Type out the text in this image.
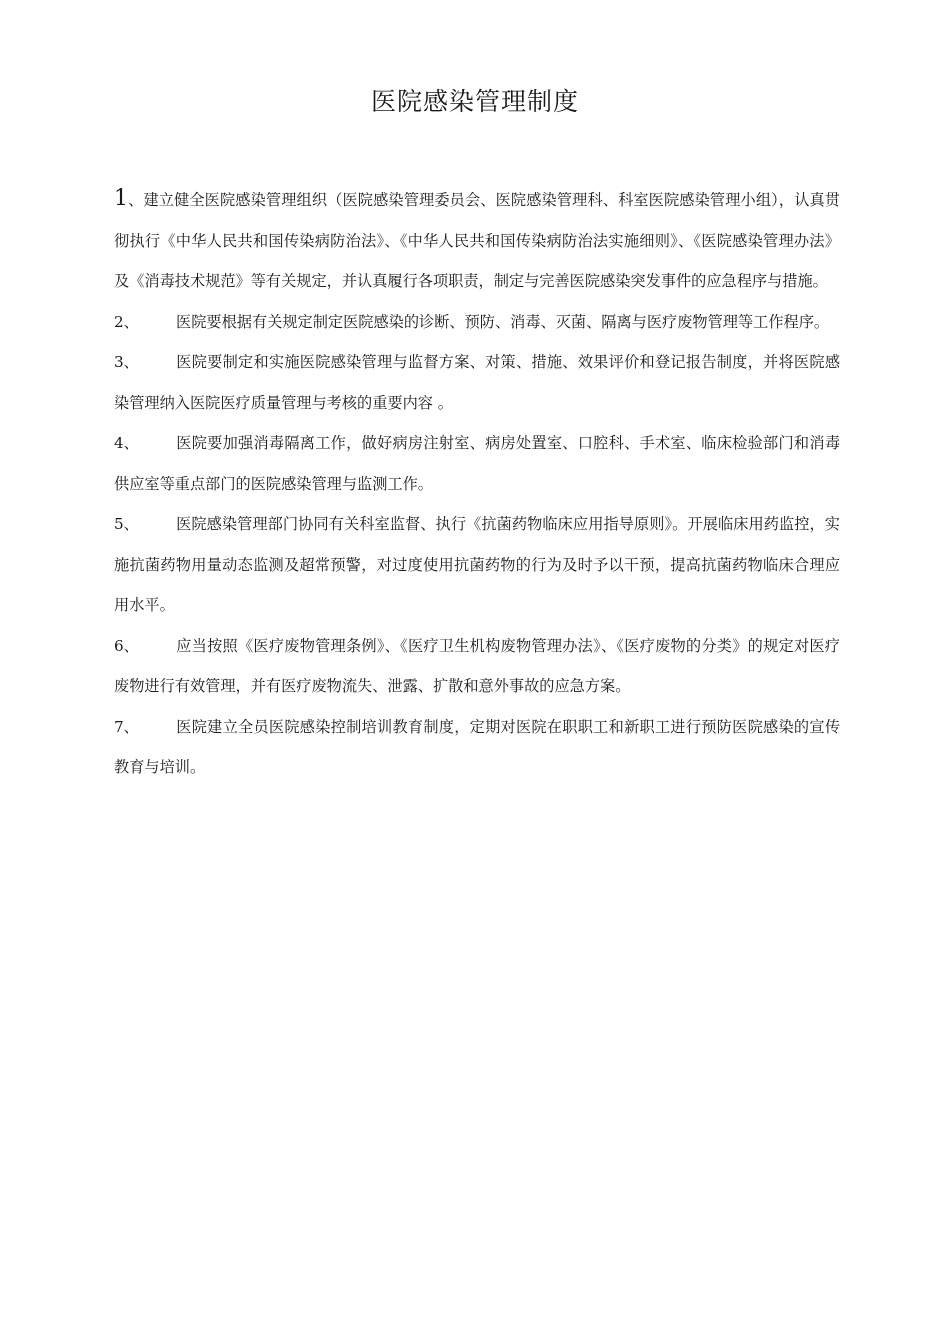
医院感染管理制度

1、建立健全医院感染管理组织（医院感染管理委员会、医院感染管理科、科室医院感染管理小组），认真贯彻执行《中华人民共和国传染病防治法》、《中华人民共和国传染病防治法实施细则》、《医院感染管理办法》及《消毒技术规范》等有关规定，并认真履行各项职责，制定与完善医院感染突发事件的应急程序与措施。

2、 医院要根据有关规定制定医院感染的诊断、预防、消毒、灭菌、隔离与医疗废物管理等工作程序。

3、 医院要制定和实施医院感染管理与监督方案、对策、措施、效果评价和登记报告制度，并将医院感染管理纳入医院医疗质量管理与考核的重要内容 。

4、 医院要加强消毒隔离工作，做好病房注射室、病房处置室、口腔科、手术室、临床检验部门和消毒供应室等重点部门的医院感染管理与监测工作。

5、 医院感染管理部门协同有关科室监督、执行《抗菌药物临床应用指导原则》。开展临床用药监控，实施抗菌药物用量动态监测及超常预警，对过度使用抗菌药物的行为及时予以干预，提高抗菌药物临床合理应用水平。

6、 应当按照《医疗废物管理条例》、《医疗卫生机构废物管理办法》、《医疗废物的分类》的规定对医疗废物进行有效管理，并有医疗废物流失、泄露、扩散和意外事故的应急方案。

7、 医院建立全员医院感染控制培训教育制度，定期对医院在职职工和新职工进行预防医院感染的宣传教育与培训。
